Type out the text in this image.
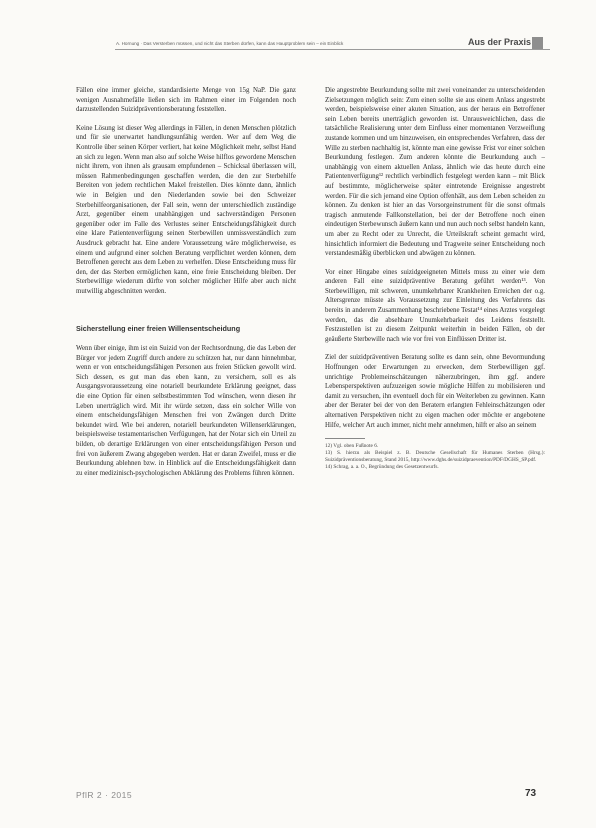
A. Hornung · Das Versterben müssen, und nicht das Sterben dürfen, kann das Hauptproblem sein – ein Einblick	Aus der Praxis

Fällen eine immer gleiche, standardisierte Menge von 15g NaP. Die ganz wenigen Ausnahmefälle ließen sich im Rahmen einer im Folgenden noch darzustellenden Suizidpräventionsberatung feststellen.

Keine Lösung ist dieser Weg allerdings in Fällen, in denen Menschen plötzlich und für sie unerwartet handlungsunfähig werden. Wer auf dem Weg die Kontrolle über seinen Körper verliert, hat keine Möglichkeit mehr, selbst Hand an sich zu legen. Wenn man also auf solche Weise hilflos gewordene Menschen nicht ihrem, von ihnen als grausam empfundenen – Schicksal überlassen will, müssen Rahmenbedingungen geschaffen werden, die den zur Sterbehilfe Bereiten von jedem rechtlichen Makel freistellen. Dies könnte dann, ähnlich wie in Belgien und den Niederlanden sowie bei den Schweizer Sterbehilfeorganisationen, der Fall sein, wenn der unterschiedlich zuständige Arzt, gegenüber einem unabhängigen und sachverständigen Personen gegenüber oder im Falle des Verlustes seiner Entscheidungsfähigkeit durch eine klare Patientenverfügung seinen Sterbewillen unmissverständlich zum Ausdruck gebracht hat. Eine andere Voraussetzung wäre möglicherweise, es einem und aufgrund einer solchen Beratung verpflichtet werden können, dem Betroffenen gerecht aus dem Leben zu verhelfen. Diese Entscheidung muss für den, der das Sterben ermöglichen kann, eine freie Entscheidung bleiben. Der Sterbewillige wiederum dürfte von solcher möglicher Hilfe aber auch nicht mutwillig abgeschnitten werden.

Sicherstellung einer freien Willensentscheidung

Wenn über einige, ihm ist ein Suizid von der Rechtsordnung, die das Leben der Bürger vor jedem Zugriff durch andere zu schützen hat, nur dann hinnehmbar, wenn er von entscheidungsfähigen Personen aus freien Stücken gewollt wird. Sich dessen, es gut man das eben kann, zu versichern, soll es als Ausgangsvoraussetzung eine notariell beurkundete Erklärung geeignet, dass die eine Option für einen selbstbestimmten Tod wünschen, wenn diesen ihr Leben unerträglich wird. Mit ihr würde setzen, dass ein solcher Wille von einem entscheidungsfähigen Menschen frei von Zwängen durch Dritte bekundet wird. Wie bei anderen, notariell beurkundeten Willenserklärungen, beispielsweise testamentarischen Verfügungen, hat der Notar sich ein Urteil zu bilden, ob derartige Erklärungen von einer entscheidungsfähigen Person und frei von äußerem Zwang abgegeben werden. Hat er daran Zweifel, muss er die Beurkundung ablehnen bzw. in Hinblick auf die Entscheidungsfähigkeit dann zu einer medizinisch-psychologischen Abklärung des Problems führen können.

Die angestrebte Beurkundung sollte mit zwei voneinander zu unterscheidenden Zielsetzungen möglich sein: Zum einen sollte sie aus einem Anlass angestrebt werden, beispielsweise einer akuten Situation, aus der heraus ein Betroffener sein Leben bereits unerträglich geworden ist. Unrausweichlichen, dass die tatsächliche Realisierung unter dem Einfluss einer momentanen Verzweiflung zustande kommen und um hinzuweisen, ein entsprechendes Verfahren, dass der Wille zu sterben nachhaltig ist, könnte man eine gewisse Frist vor einer solchen Beurkundung festlegen. Zum anderen könnte die Beurkundung auch – unabhängig von einem aktuellen Anlass, ähnlich wie das heute durch eine Patientenverfügung¹² rechtlich verbindlich festgelegt werden kann – mit Blick auf bestimmte, möglicherweise später eintretende Ereignisse angestrebt werden. Für die sich jemand eine Option offenhält, aus dem Leben scheiden zu können. Zu denken ist hier an das Vorsorgeinstrument für die sonst oftmals tragisch anmutende Fallkonstellation, bei der der Betroffene noch einen eindeutigen Sterbewunsch äußern kann und nun auch noch selbst handeln kann, um aber zu Recht oder zu Unrecht, die Urteilskraft scheint gemacht wird, hinsichtlich informiert die Bedeutung und Tragweite seiner Entscheidung noch verstandesmäßig überblicken und abwägen zu können.

Vor einer Hingabe eines suizidgeeigneten Mittels muss zu einer wie dem anderen Fall eine suizidpräventive Beratung geführt werden¹³. Von Sterbewilligen, mit schweren, unumkehrbarer Krankheiten Erreichen der o.g. Altersgrenze müsste als Voraussetzung zur Einleitung des Verfahrens das bereits in anderem Zusammenhang beschriebene Testat¹⁴ eines Arztes vorgelegt werden, das die absehbare Unumkehrbarkeit des Leidens feststellt. Festzustellen ist zu diesem Zeitpunkt weiterhin in beiden Fällen, ob der geäußerte Sterbewille nach wie vor frei von Einflüssen Dritter ist.

Ziel der suizidpräventiven Beratung sollte es dann sein, ohne Bevormundung Hoffnungen oder Erwartungen zu erwecken, dem Sterbewilligen ggf. unrichtige Problemeinschätzungen näherzubringen, ihm ggf. andere Lebensperspektiven aufzuzeigen sowie mögliche Hilfen zu mobilisieren und damit zu versuchen, ihn eventuell doch für ein Weiterleben zu gewinnen. Kann aber der Berater bei der von den Beratern erlangten Fehleinschätzungen oder alternativen Perspektiven nicht zu eigen machen oder möchte er angebotene Hilfe, welcher Art auch immer, nicht mehr annehmen, hilft er also an seinem

12) Vgl. oben Fußnote 6.
13) S. hierzu als Beispiel z. B. Deutsche Gesellschaft für Humanes Sterben (Hrsg.): Suizidpräventionsberatung, Stand 2015, http://www.dghs.de/suizidpraevention/PDF/DGHS_SP.pdf.
14) Schrag, a. a. O., Begründung des Gesetzentwurfs.
PflR 2 · 2015	73
